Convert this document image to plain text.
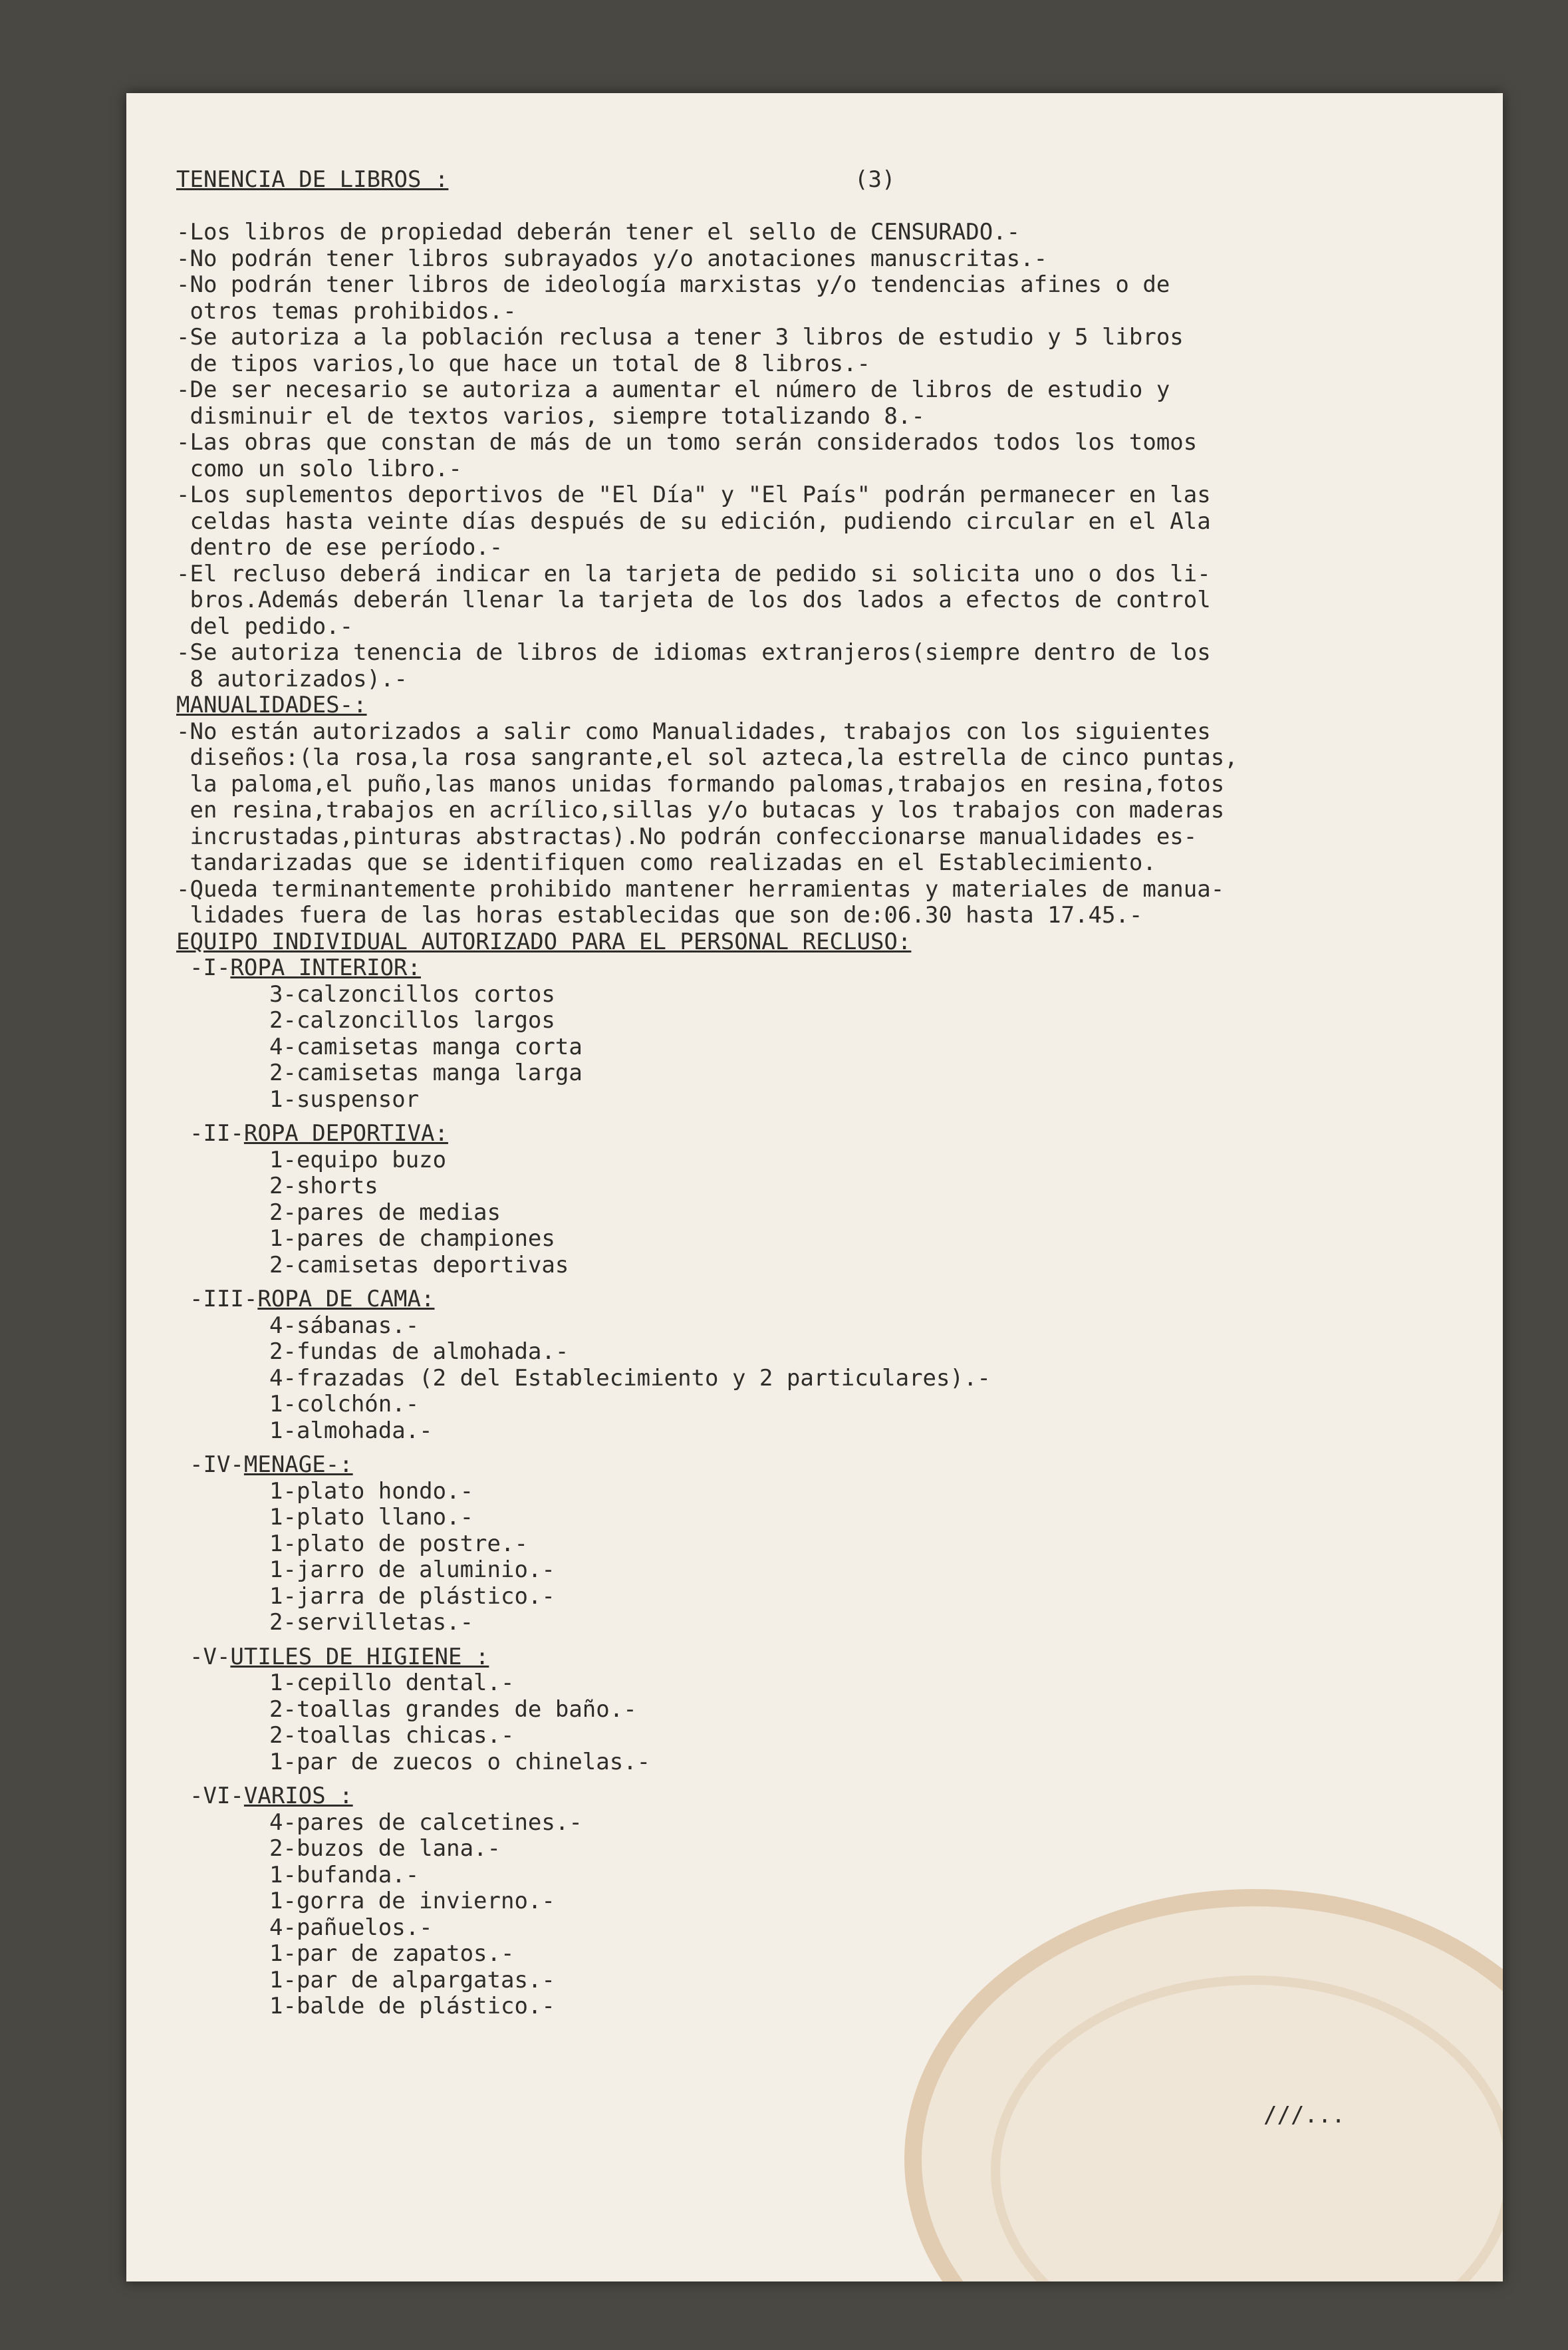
TENENCIA DE LIBROS :	(3)
-Los libros de propiedad deberán tener el sello de CENSURADO.-
-No podrán tener libros subrayados y/o anotaciones manuscritas.-
-No podrán tener libros de ideología marxistas y/o tendencias afines o de
otros temas prohibidos.-
-Se autoriza a la población reclusa a tener 3 libros de estudio y 5 libros
de tipos varios,lo que hace un total de 8 libros.-
-De ser necesario se autoriza a aumentar el número de libros de estudio y
disminuir el de textos varios, siempre totalizando 8.-
-Las obras que constan de más de un tomo serán considerados todos los tomos
como un solo libro.-
-Los suplementos deportivos de "El Día" y "El País" podrán permanecer en las
celdas hasta veinte días después de su edición, pudiendo circular en el Ala
dentro de ese período.-
-El recluso deberá indicar en la tarjeta de pedido si solicita uno o dos li-
bros.Además deberán llenar la tarjeta de los dos lados a efectos de control
del pedido.-
-Se autoriza tenencia de libros de idiomas extranjeros(siempre dentro de los
8 autorizados).-
MANUALIDADES-:
-No están autorizados a salir como Manualidades, trabajos con los siguientes
diseños:(la rosa,la rosa sangrante,el sol azteca,la estrella de cinco puntas,
la paloma,el puño,las manos unidas formando palomas,trabajos en resina,fotos
en resina,trabajos en acrílico,sillas y/o butacas y los trabajos con maderas
incrustadas,pinturas abstractas).No podrán confeccionarse manualidades es-
tandarizadas que se identifiquen como realizadas en el Establecimiento.
-Queda terminantemente prohibido mantener herramientas y materiales de manua-
lidades fuera de las horas establecidas que son de:06.30 hasta 17.45.-
EQUIPO INDIVIDUAL AUTORIZADO PARA EL PERSONAL RECLUSO:
-I-ROPA INTERIOR:
3-calzoncillos cortos
2-calzoncillos largos
4-camisetas manga corta
2-camisetas manga larga
1-suspensor
-II-ROPA DEPORTIVA:
1-equipo buzo
2-shorts
2-pares de medias
1-pares de championes
2-camisetas deportivas
-III-ROPA DE CAMA:
4-sábanas.-
2-fundas de almohada.-
4-frazadas (2 del Establecimiento y 2 particulares).-
1-colchón.-
1-almohada.-
-IV-MENAGE-:
1-plato hondo.-
1-plato llano.-
1-plato de postre.-
1-jarro de aluminio.-
1-jarra de plástico.-
2-servilletas.-
-V-UTILES DE HIGIENE :
1-cepillo dental.-
2-toallas grandes de baño.-
2-toallas chicas.-
1-par de zuecos o chinelas.-
-VI-VARIOS :
4-pares de calcetines.-
2-buzos de lana.-
1-bufanda.-
1-gorra de invierno.-
4-pañuelos.-
1-par de zapatos.-
1-par de alpargatas.-
1-balde de plástico.-
///...
